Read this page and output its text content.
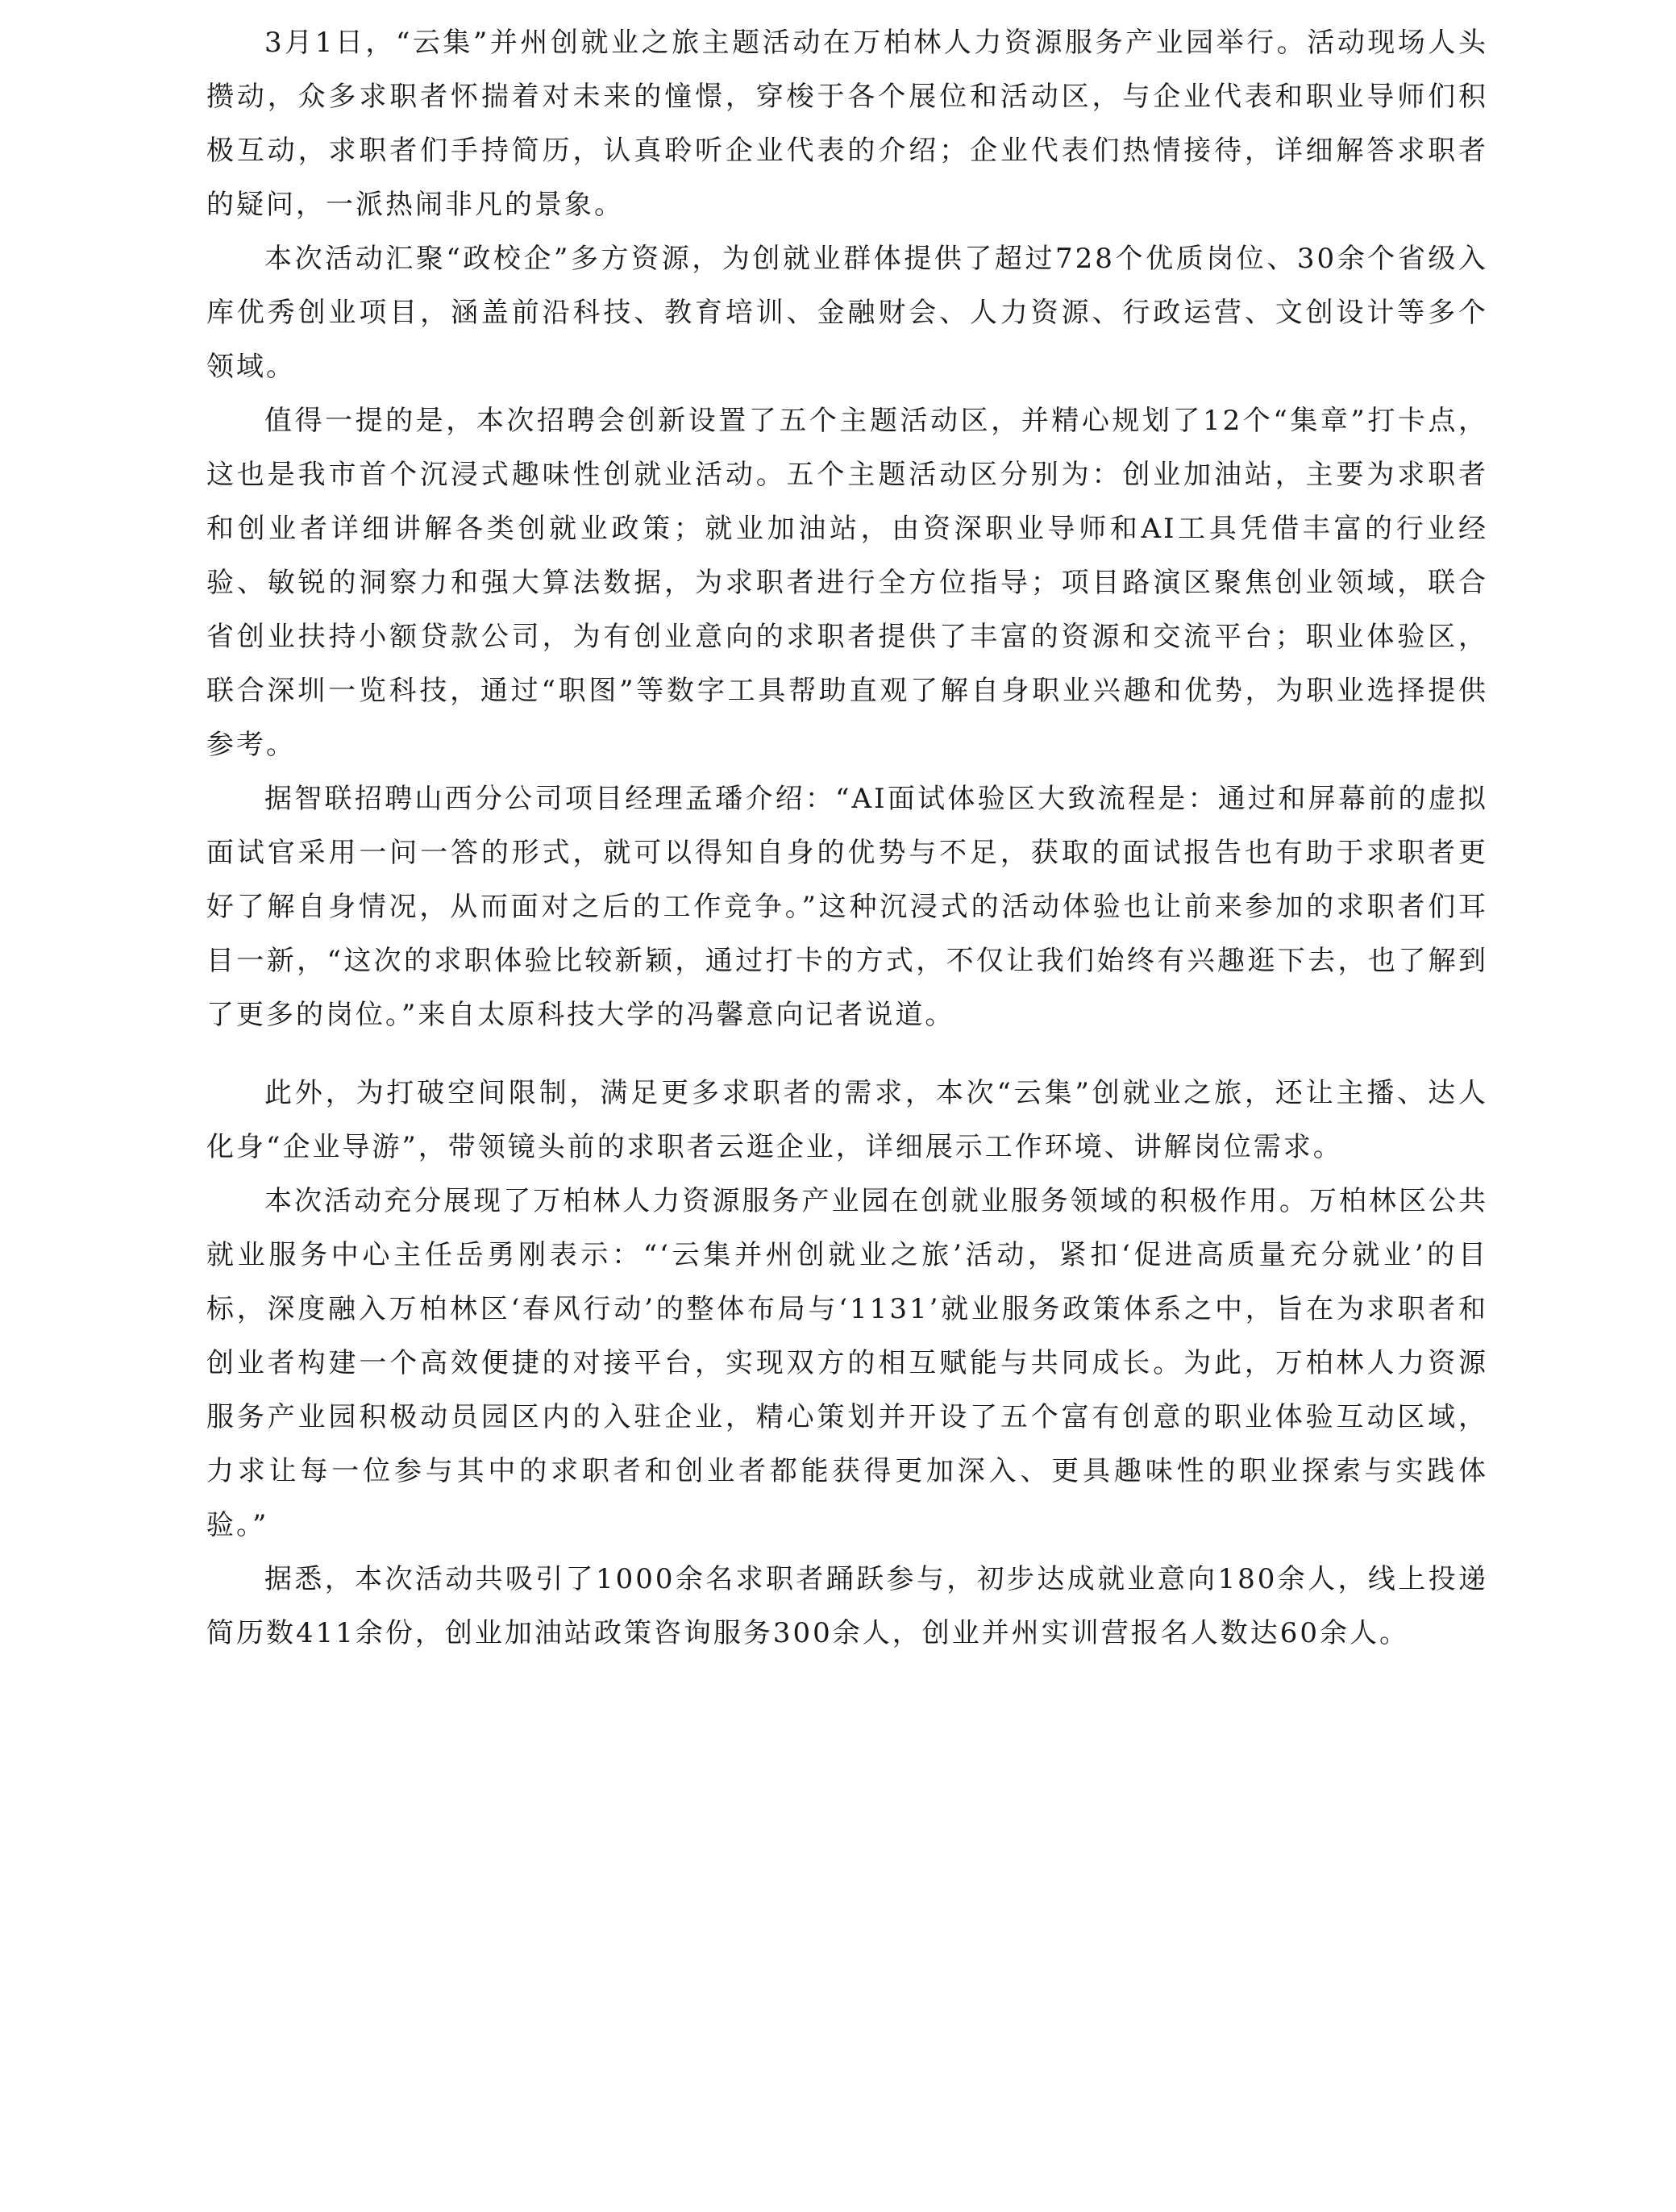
3月1日，“云集”并州创就业之旅主题活动在万柏林人力资源服务产业园举行。活动现场人头攒动，众多求职者怀揣着对未来的憧憬，穿梭于各个展位和活动区，与企业代表和职业导师们积极互动，求职者们手持简历，认真聆听企业代表的介绍；企业代表们热情接待，详细解答求职者的疑问，一派热闹非凡的景象。

本次活动汇聚“政校企”多方资源，为创就业群体提供了超过728个优质岗位、30余个省级入库优秀创业项目，涵盖前沿科技、教育培训、金融财会、人力资源、行政运营、文创设计等多个领域。

值得一提的是，本次招聘会创新设置了五个主题活动区，并精心规划了12个“集章”打卡点，这也是我市首个沉浸式趣味性创就业活动。五个主题活动区分别为：创业加油站，主要为求职者和创业者详细讲解各类创就业政策；就业加油站，由资深职业导师和AI工具凭借丰富的行业经验、敏锐的洞察力和强大算法数据，为求职者进行全方位指导；项目路演区聚焦创业领域，联合省创业扶持小额贷款公司，为有创业意向的求职者提供了丰富的资源和交流平台；职业体验区，联合深圳一览科技，通过“职图”等数字工具帮助直观了解自身职业兴趣和优势，为职业选择提供参考。

据智联招聘山西分公司项目经理孟璠介绍：“AI面试体验区大致流程是：通过和屏幕前的虚拟面试官采用一问一答的形式，就可以得知自身的优势与不足，获取的面试报告也有助于求职者更好了解自身情况，从而面对之后的工作竞争。”这种沉浸式的活动体验也让前来参加的求职者们耳目一新，“这次的求职体验比较新颖，通过打卡的方式，不仅让我们始终有兴趣逛下去，也了解到了更多的岗位。”来自太原科技大学的冯馨意向记者说道。

此外，为打破空间限制，满足更多求职者的需求，本次“云集”创就业之旅，还让主播、达人化身“企业导游”，带领镜头前的求职者云逛企业，详细展示工作环境、讲解岗位需求。

本次活动充分展现了万柏林人力资源服务产业园在创就业服务领域的积极作用。万柏林区公共就业服务中心主任岳勇刚表示：“‘云集并州创就业之旅’活动，紧扣‘促进高质量充分就业’的目标，深度融入万柏林区‘春风行动’的整体布局与‘1131’就业服务政策体系之中，旨在为求职者和创业者构建一个高效便捷的对接平台，实现双方的相互赋能与共同成长。为此，万柏林人力资源服务产业园积极动员园区内的入驻企业，精心策划并开设了五个富有创意的职业体验互动区域，力求让每一位参与其中的求职者和创业者都能获得更加深入、更具趣味性的职业探索与实践体验。”

据悉，本次活动共吸引了1000余名求职者踊跃参与，初步达成就业意向180余人，线上投递简历数411余份，创业加油站政策咨询服务300余人，创业并州实训营报名人数达60余人。
